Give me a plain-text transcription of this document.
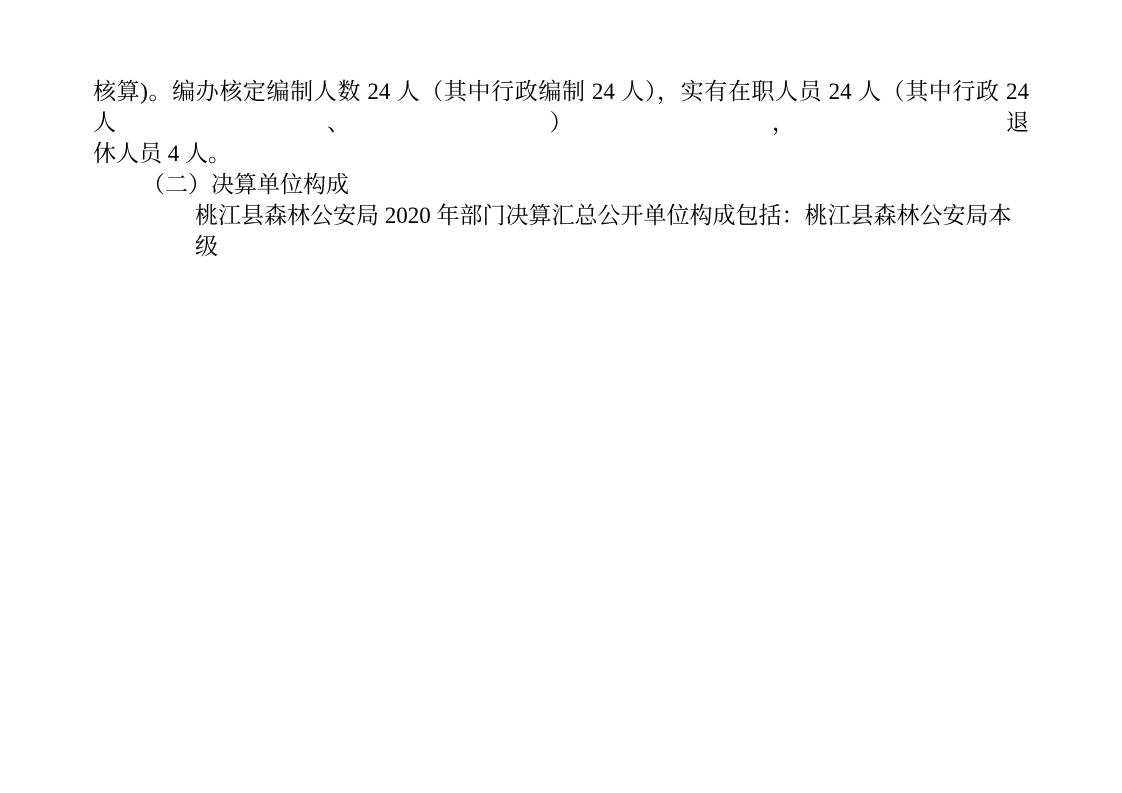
核算)。编办核定编制人数 24 人（其中行政编制 24 人），实有在职人员 24 人（其中行政 24 人、），退
休人员 4 人。
（二）决算单位构成
桃江县森林公安局 2020 年部门决算汇总公开单位构成包括：桃江县森林公安局本级
